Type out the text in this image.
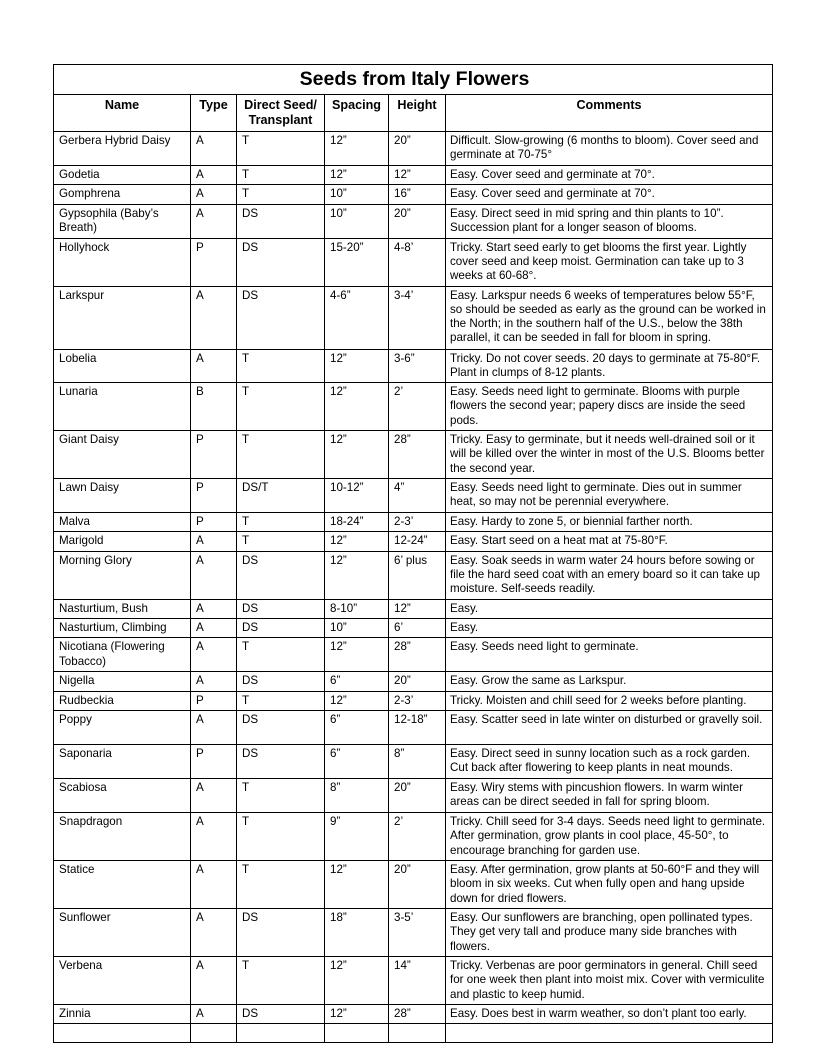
Seeds from Italy Flowers					
Name	Type	Direct Seed/ Transplant	Spacing	Height	Comments
Gerbera Hybrid Daisy	A	T	12”	20”	Difficult. Slow-growing (6 months to bloom). Cover seed and germinate at 70-75°
Godetia	A	T	12”	12”	Easy. Cover seed and germinate at 70°.
Gomphrena	A	T	10”	16”	Easy. Cover seed and germinate at 70°.
Gypsophila (Baby’s Breath)	A	DS	10”	20”	Easy. Direct seed in mid spring and thin plants to 10”. Succession plant for a longer season of blooms.
Hollyhock	P	DS	15-20”	4-8’	Tricky. Start seed early to get blooms the first year. Lightly cover seed and keep moist. Germination can take up to 3 weeks at 60-68°.
Larkspur	A	DS	4-6”	3-4’	Easy. Larkspur needs 6 weeks of temperatures below 55°F, so should be seeded as early as the ground can be worked in the North; in the southern half of the U.S., below the 38th parallel, it can be seeded in fall for bloom in spring.
Lobelia	A	T	12”	3-6”	Tricky. Do not cover seeds. 20 days to germinate at 75-80°F. Plant in clumps of 8-12 plants.
Lunaria	B	T	12”	2’	Easy. Seeds need light to germinate. Blooms with purple flowers the second year; papery discs are inside the seed pods.
Giant Daisy	P	T	12”	28”	Tricky. Easy to germinate, but it needs well-drained soil or it will be killed over the winter in most of the U.S. Blooms better the second year.
Lawn Daisy	P	DS/T	10-12”	4”	Easy. Seeds need light to germinate. Dies out in summer heat, so may not be perennial everywhere.
Malva	P	T	18-24”	2-3’	Easy. Hardy to zone 5, or biennial farther north.
Marigold	A	T	12”	12-24”	Easy. Start seed on a heat mat at 75-80°F.
Morning Glory	A	DS	12”	6’ plus	Easy. Soak seeds in warm water 24 hours before sowing or file the hard seed coat with an emery board so it can take up moisture. Self-seeds readily.
Nasturtium, Bush	A	DS	8-10”	12”	Easy.
Nasturtium, Climbing	A	DS	10”	6’	Easy.
Nicotiana (Flowering Tobacco)	A	T	12”	28”	Easy. Seeds need light to germinate.
Nigella	A	DS	6”	20”	Easy. Grow the same as Larkspur.
Rudbeckia	P	T	12”	2-3’	Tricky. Moisten and chill seed for 2 weeks before planting.
Poppy	A	DS	6”	12-18”	Easy. Scatter seed in late winter on disturbed or gravelly soil.
Saponaria	P	DS	6”	8”	Easy. Direct seed in sunny location such as a rock garden. Cut back after flowering to keep plants in neat mounds.
Scabiosa	A	T	8”	20”	Easy. Wiry stems with pincushion flowers. In warm winter areas can be direct seeded in fall for spring bloom.
Snapdragon	A	T	9”	2’	Tricky. Chill seed for 3-4 days. Seeds need light to germinate. After germination, grow plants in cool place, 45-50°, to encourage branching for garden use.
Statice	A	T	12”	20”	Easy. After germination, grow plants at 50-60°F and they will bloom in six weeks. Cut when fully open and hang upside down for dried flowers.
Sunflower	A	DS	18”	3-5’	Easy. Our sunflowers are branching, open pollinated types. They get very tall and produce many side branches with flowers.
Verbena	A	T	12”	14”	Tricky. Verbenas are poor germinators in general. Chill seed for one week then plant into moist mix. Cover with vermiculite and plastic to keep humid.
Zinnia	A	DS	12”	28”	Easy. Does best in warm weather, so don’t plant too early.
